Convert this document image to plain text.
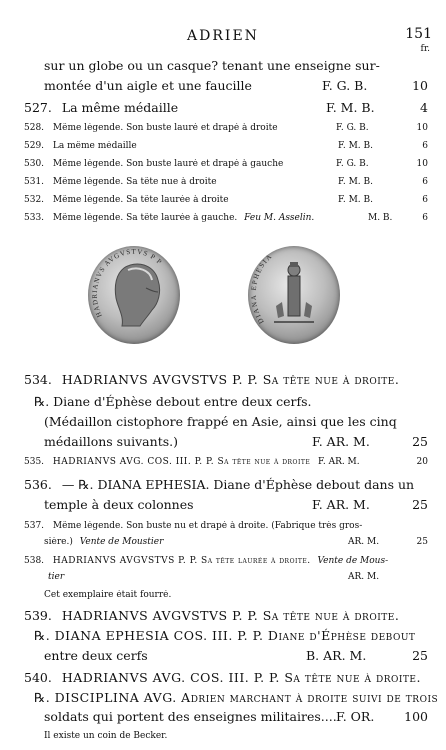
ADRIEN	151
fr.
sur un globe ou un casque? tenant une enseigne sur-
montée d'un aigle et une faucille	F. G. B.	10
527. La même médaille	F. M. B.	4
528. Même légende. Son buste lauré et drapé à droite	F. G. B.	10
529. La même médaille	F. M. B.	6
530. Même légende. Son buste lauré et drapé à gauche	F. G. B.	10
531. Même légende. Sa tête nue à droite	F. M. B.	6
532. Même légende. Sa tête laurée à droite	F. M. B.	6
533. Même légende. Sa tête laurée à gauche. Feu M. Asselin.	M. B.	6
HADRIANVS AVGVSTVS P P
DIANA EPHESIA
534. HADRIANVS AVGVSTVS P. P. Sa tête nue à droite.
℞. Diane d'Éphèse debout entre deux cerfs.
(Médaillon cistophore frappé en Asie, ainsi que les cinq
médaillons suivants.)	F. AR. M.	25
535. HADRIANVS AVG. COS. III. P. P. Sa tête nue à droite F. AR. M.	20
536. — ℞. DIANA EPHESIA. Diane d'Éphèse debout dans un
temple à deux colonnes	F. AR. M.	25
537. Même légende. Son buste nu et drapé à droite. (Fabrique très gros-
sière.) Vente de Moustier	AR. M.	25
538. HADRIANVS AVGVSTVS P. P. Sa tête laurée à droite. Vente de Mous-
tier	AR. M.
Cet exemplaire était fourré.
539. HADRIANVS AVGVSTVS P. P. Sa tête nue à droite.
℞. DIANA EPHESIA COS. III. P. P. Diane d'Éphèse debout
entre deux cerfs	B. AR. M.	25
540. HADRIANVS AVG. COS. III. P. P. Sa tête nue à droite.
℞. DISCIPLINA AVG. Adrien marchant à droite suivi de trois
soldats qui portent des enseignes militaires.... F. OR. 100
Il existe un coin de Becker.
